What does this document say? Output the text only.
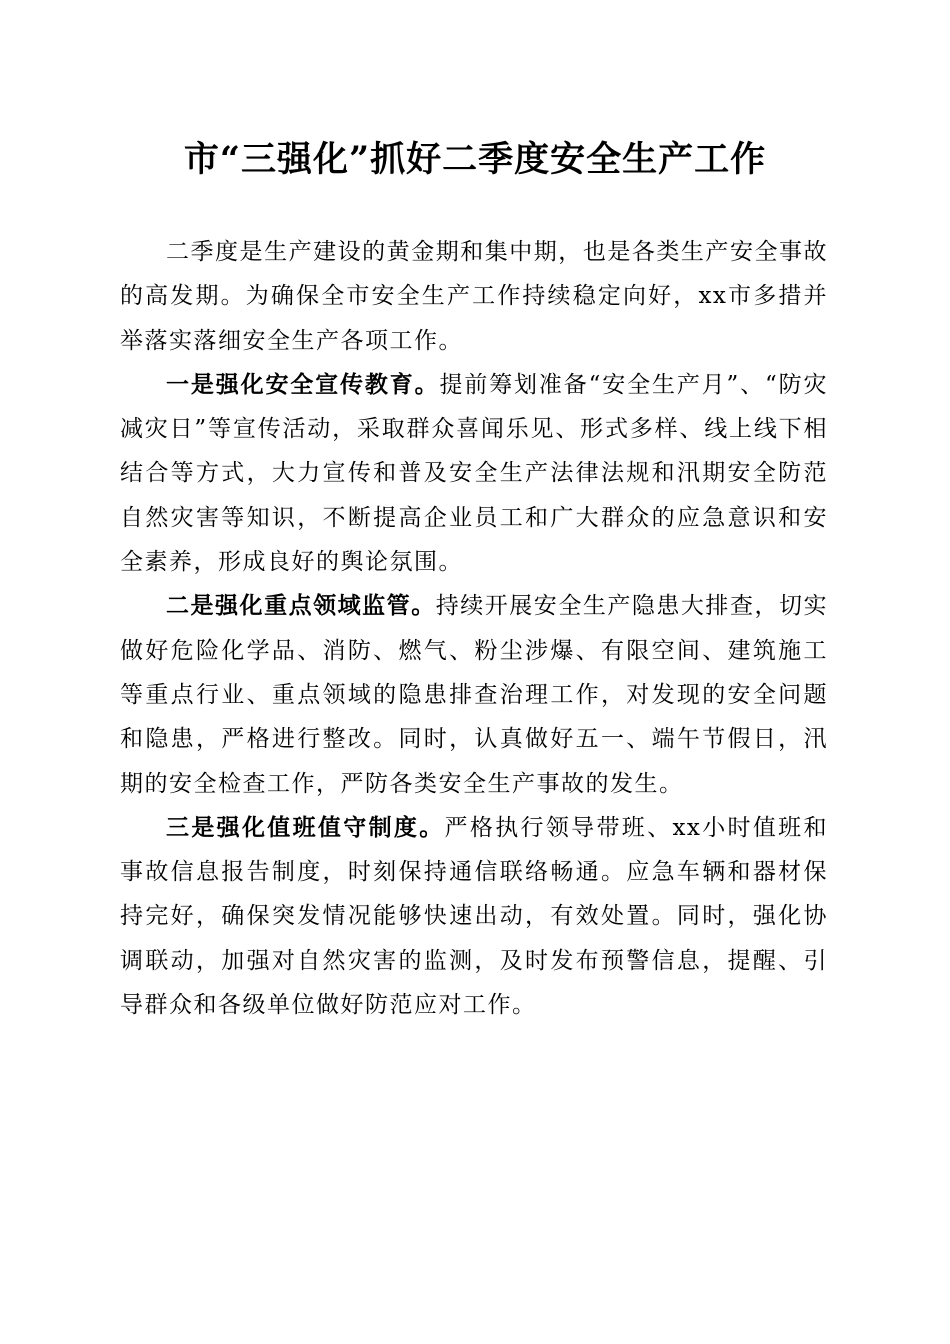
市“三强化”抓好二季度安全生产工作

二季度是生产建设的黄金期和集中期，也是各类生产安全事故的高发期。为确保全市安全生产工作持续稳定向好，xx市多措并举落实落细安全生产各项工作。

一是强化安全宣传教育。提前筹划准备“安全生产月”、“防灾减灾日”等宣传活动，采取群众喜闻乐见、形式多样、线上线下相结合等方式，大力宣传和普及安全生产法律法规和汛期安全防范自然灾害等知识，不断提高企业员工和广大群众的应急意识和安全素养，形成良好的舆论氛围。

二是强化重点领域监管。持续开展安全生产隐患大排查，切实做好危险化学品、消防、燃气、粉尘涉爆、有限空间、建筑施工等重点行业、重点领域的隐患排查治理工作，对发现的安全问题和隐患，严格进行整改。同时，认真做好五一、端午节假日，汛期的安全检查工作，严防各类安全生产事故的发生。

三是强化值班值守制度。严格执行领导带班、xx小时值班和事故信息报告制度，时刻保持通信联络畅通。应急车辆和器材保持完好，确保突发情况能够快速出动，有效处置。同时，强化协调联动，加强对自然灾害的监测，及时发布预警信息，提醒、引导群众和各级单位做好防范应对工作。
